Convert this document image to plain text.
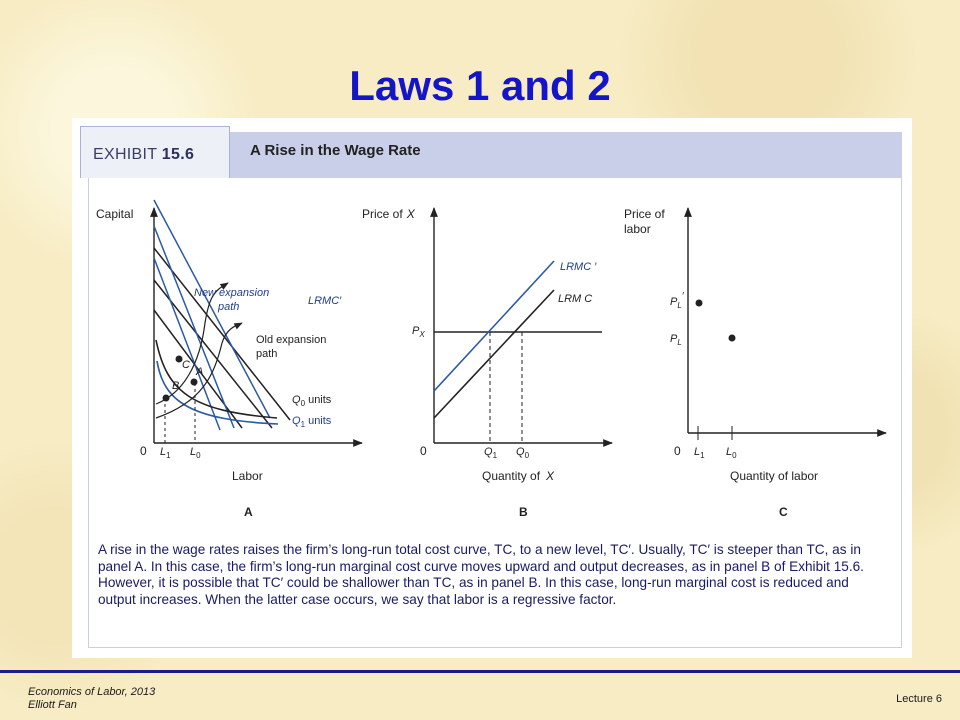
Laws 1 and 2
EXHIBIT 15.6	A Rise in the Wage Rate
Capital
Labor
0
C
A
B
$L_1$ $L_0$
New expansion
path
Old expansion
path
LRMC′
$Q_0$ units
$Q_1$ units
A
Price of X
Quantity of X
0
$P_X$
$Q_1$ $Q_0$
LRMC ′
LRM C
B
Price of
labor
Quantity of labor
0
$P_L'$
$P_L$
$L_1$ $L_0$
C
A rise in the wage rates raises the firm’s long-run total cost curve, TC, to a new level, TC′. Usually, TC′ is steeper than TC, as in panel A. In this case, the firm’s long-run marginal cost curve moves upward and output decreases, as in panel B of Exhibit 15.6. However, it is possible that TC′ could be shallower than TC, as in panel B. In this case, long-run marginal cost is reduced and output increases. When the latter case occurs, we say that labor is a regressive factor.
Economics of Labor, 2013
Elliott Fan	Lecture 6
